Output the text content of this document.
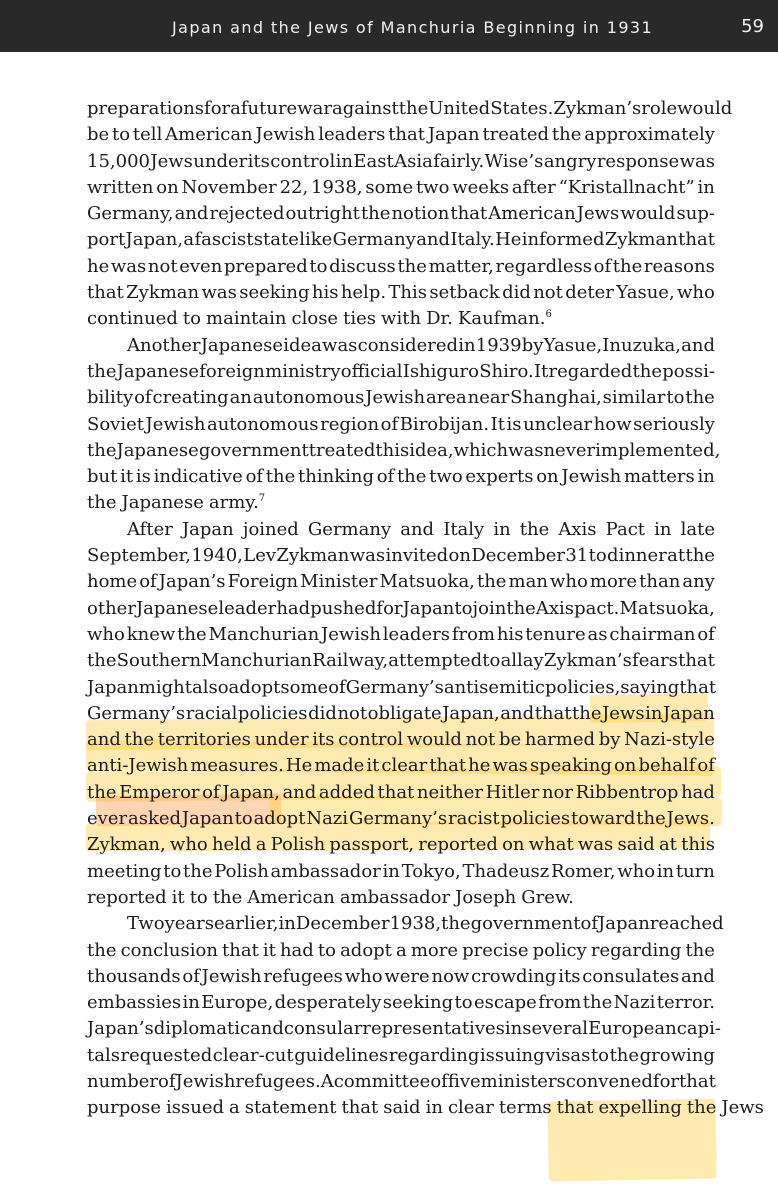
Japan and the Jews of Manchuria Beginning in 1931	59
preparations for a future war against the United States. Zykman’s role would
be to tell American Jewish leaders that Japan treated the approximately
15,000 Jews under its control in East Asia fairly. Wise’s angry response was
written on November 22, 1938, some two weeks after “Kristallnacht” in
Germany, and rejected outright the notion that American Jews would sup-
port Japan, a fascist state like Germany and Italy. He informed Zykman that
he was not even prepared to discuss the matter, regardless of the reasons
that Zykman was seeking his help. This setback did not deter Yasue, who
continued to maintain close ties with Dr. Kaufman.$^6$
Another Japanese idea was considered in 1939 by Yasue, Inuzuka, and
the Japanese foreign ministry official Ishiguro Shiro. It regarded the possi-
bility of creating an autonomous Jewish area near Shanghai, similar to the
Soviet Jewish autonomous region of Birobijan. It is unclear how seriously
the Japanese government treated this idea, which was never implemented,
but it is indicative of the thinking of the two experts on Jewish matters in
the Japanese army.$^7$
After Japan joined Germany and Italy in the Axis Pact in late
September, 1940, Lev Zykman was invited on December 31 to dinner at the
home of Japan’s Foreign Minister Matsuoka, the man who more than any
other Japanese leader had pushed for Japan to join the Axis pact. Matsuoka,
who knew the Manchurian Jewish leaders from his tenure as chairman of
the Southern Manchurian Railway, attempted to allay Zykman’s fears that
Japan might also adopt some of Germany’s antisemitic policies, saying that
Germany’s racial policies did not obligate Japan, and that the Jews in Japan
and the territories under its control would not be harmed by Nazi-style
anti-Jewish measures. He made it clear that he was speaking on behalf of
the Emperor of Japan, and added that neither Hitler nor Ribbentrop had
ever asked Japan to adopt Nazi Germany’s racist policies toward the Jews.
Zykman, who held a Polish passport, reported on what was said at this
meeting to the Polish ambassador in Tokyo, Thadeusz Romer, who in turn
reported it to the American ambassador Joseph Grew.
Two years earlier, in December 1938, the government of Japan reached
the conclusion that it had to adopt a more precise policy regarding the
thousands of Jewish refugees who were now crowding its consulates and
embassies in Europe, desperately seeking to escape from the Nazi terror.
Japan’s diplomatic and consular representatives in several European capi-
tals requested clear-cut guidelines regarding issuing visas to the growing
number of Jewish refugees. A committee of five ministers convened for that
purpose issued a statement that said in clear terms that expelling the Jews
